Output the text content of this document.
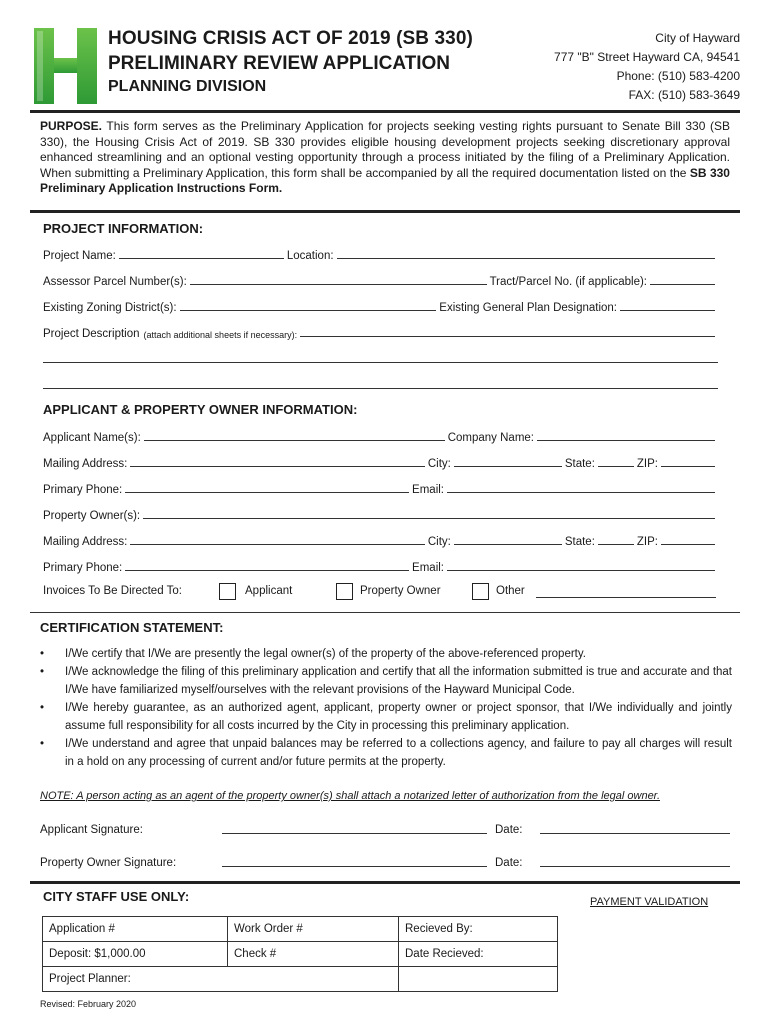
HOUSING CRISIS ACT OF 2019 (SB 330)
PRELIMINARY REVIEW APPLICATION
PLANNING DIVISION
City of Hayward
777 "B" Street Hayward CA, 94541
Phone: (510) 583-4200
FAX: (510) 583-3649
PURPOSE. This form serves as the Preliminary Application for projects seeking vesting rights pursuant to Senate Bill 330 (SB 330), the Housing Crisis Act of 2019. SB 330 provides eligible housing development projects seeking discretionary approval enhanced streamlining and an optional vesting opportunity through a process initiated by the filing of a Preliminary Application. When submitting a Preliminary Application, this form shall be accompanied by all the required documentation listed on the SB 330 Preliminary Application Instructions Form.
PROJECT INFORMATION:
Project Name:	Location:
Assessor Parcel Number(s):	Tract/Parcel No. (if applicable):
Existing Zoning District(s):	Existing General Plan Designation:
Project Description (attach additional sheets if necessary):
APPLICANT & PROPERTY OWNER INFORMATION:
Applicant Name(s):	Company Name:
Mailing Address:	City:	State:	ZIP:
Primary Phone:	Email:
Property Owner(s):
Mailing Address:	City:	State:	ZIP:
Primary Phone:	Email:
Invoices To Be Directed To:	Applicant	Property Owner	Other
CERTIFICATION STATEMENT:
• I/We certify that I/We are presently the legal owner(s) of the property of the above-referenced property.
• I/We acknowledge the filing of this preliminary application and certify that all the information submitted is true and accurate and that I/We have familiarized myself/ourselves with the relevant provisions of the Hayward Municipal Code.
• I/We hereby guarantee, as an authorized agent, applicant, property owner or project sponsor, that I/We individually and jointly assume full responsibility for all costs incurred by the City in processing this preliminary application.
• I/We understand and agree that unpaid balances may be referred to a collections agency, and failure to pay all charges will result in a hold on any processing of current and/or future permits at the property.
NOTE: A person acting as an agent of the property owner(s) shall attach a notarized letter of authorization from the legal owner.
Applicant Signature:	Date:
Property Owner Signature:	Date:
CITY STAFF USE ONLY:	PAYMENT VALIDATION
Application #	Work Order #	Recieved By:
Deposit: $1,000.00	Check #	Date Recieved:
Project Planner:		
Revised: February 2020
